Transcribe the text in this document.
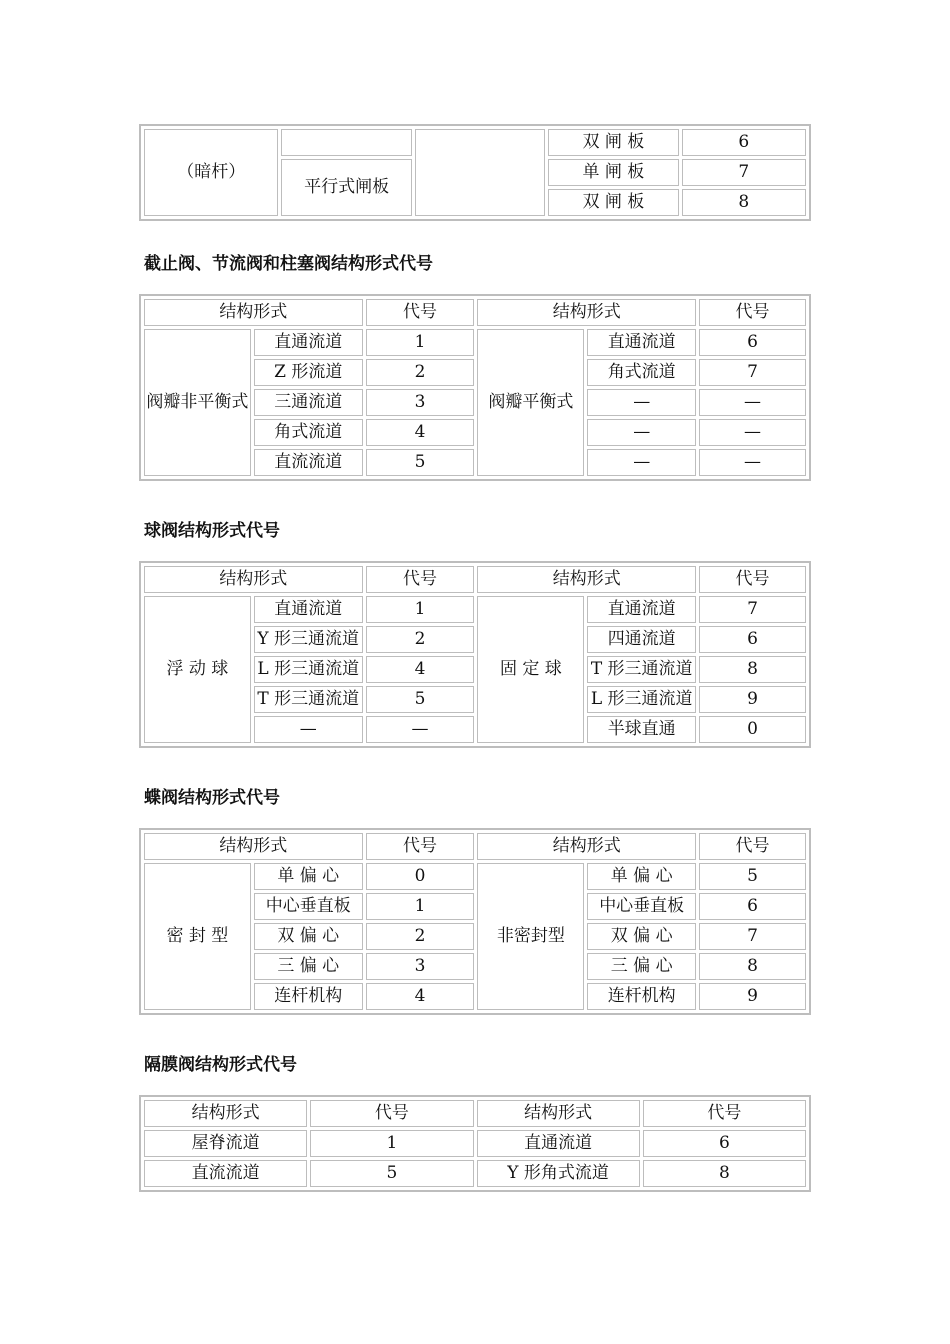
（暗杆）			双 闸 板	6
	平行式闸板		单 闸 板	7
			双 闸 板	8
截止阀、节流阀和柱塞阀结构形式代号
结构形式		代号	结构形式		代号
阀瓣非平衡式	直通流道	1	阀瓣平衡式	直通流道	6
	Z 形流道	2		角式流道	7
	三通流道	3		—	—
	角式流道	4		—	—
	直流流道	5		—	—
球阀结构形式代号
结构形式		代号	结构形式		代号
浮 动 球	直通流道	1	固 定 球	直通流道	7
	Y 形三通流道	2		四通流道	6
	L 形三通流道	4		T 形三通流道	8
	T 形三通流道	5		L 形三通流道	9
	—	—		半球直通	0
蝶阀结构形式代号
结构形式		代号	结构形式		代号
密 封 型	单 偏 心	0	非密封型	单 偏 心	5
	中心垂直板	1		中心垂直板	6
	双 偏 心	2		双 偏 心	7
	三 偏 心	3		三 偏 心	8
	连杆机构	4		连杆机构	9
隔膜阀结构形式代号
结构形式	代号	结构形式	代号
屋脊流道	1	直通流道	6
直流流道	5	Y 形角式流道	8
